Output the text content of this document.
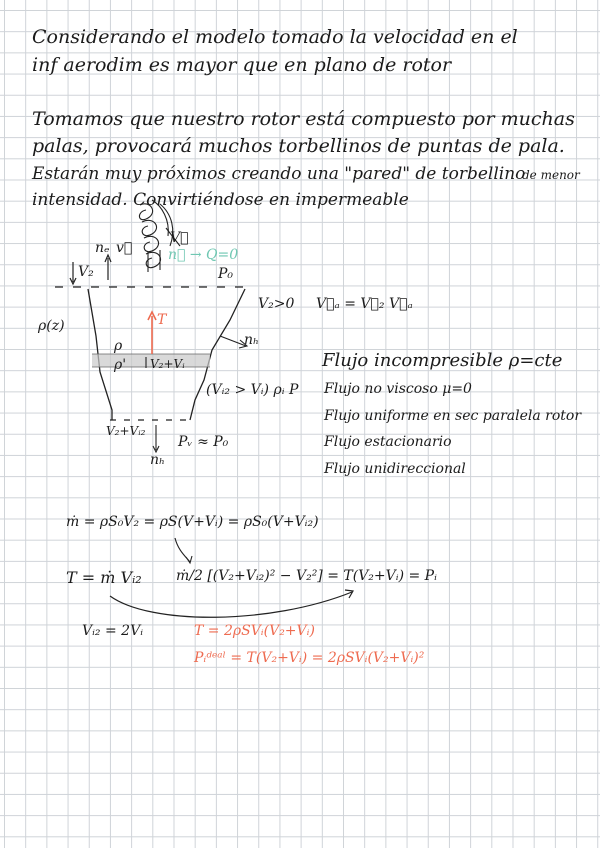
Considerando el modelo tomado la velocidad en el
inf aerodim es mayor que en plano de rotor
Tomamos que nuestro rotor está compuesto por muchas
palas, provocará muchos torbellinos de puntas de pala.
Estarán muy próximos creando una "pared" de torbellino
de menor
intensidad. Convirtiéndose en impermeable
nₑ v⃗
V⃗
n⃗ → Q=0
V₂	P₀
ρ(z)	T
ρ
ρ' V₂+Vᵢ
nₕ
(Vᵢ₂ > Vᵢ) ρᵢ P
V₂+Vᵢ₂
Pᵥ ≈ P₀
nₕ
V₂>0 V⃗ₐ = V⃗₂ V⃗ₐ
Flujo incompresible ρ=cte
Flujo no viscoso μ=0
Flujo uniforme en sec paralela rotor
Flujo estacionario
Flujo unidireccional
ṁ = ρS₀V₂ = ρS(V+Vᵢ) = ρS₀(V+Vᵢ₂)
T = ṁ Vᵢ₂ ṁ/2 [(V₂+Vᵢ₂)² − V₂²] = T(V₂+Vᵢ) = Pᵢ
Vᵢ₂ = 2Vᵢ	T = 2ρSVᵢ(V₂+Vᵢ)
Pᵢᵈᵉᵃˡ = T(V₂+Vᵢ) = 2ρSVᵢ(V₂+Vᵢ)²
